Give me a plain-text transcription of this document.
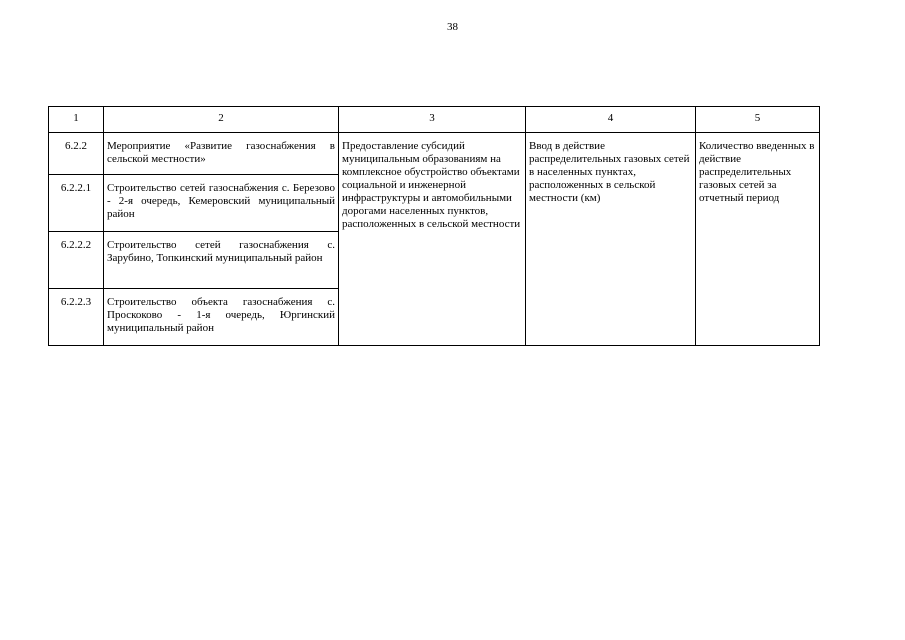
38
1	2	3	4	5
6.2.2	Мероприятие «Развитие газоснабжения в сельской местности»	Предоставление субсидий муниципальным образованиям на комплексное обустройство объектами социальной и инженерной инфраструктуры и автомобильными дорогами населенных пунктов, расположенных в сельской местности	Ввод в действие распределительных газовых сетей в населенных пунктах, расположенных в сельской местности (км)	Количество введенных в действие распределительных газовых сетей за отчетный период

6.2.2.1	Строительство сетей газоснабжения с. Березово - 2-я очередь, Кемеровский муниципальный район			

6.2.2.2	Строительство сетей газоснабжения с. Зарубино, Топкинский муниципальный район			

6.2.2.3	Строительство объекта газоснабжения с. Проскоково - 1-я очередь, Юргинский муниципальный район			
